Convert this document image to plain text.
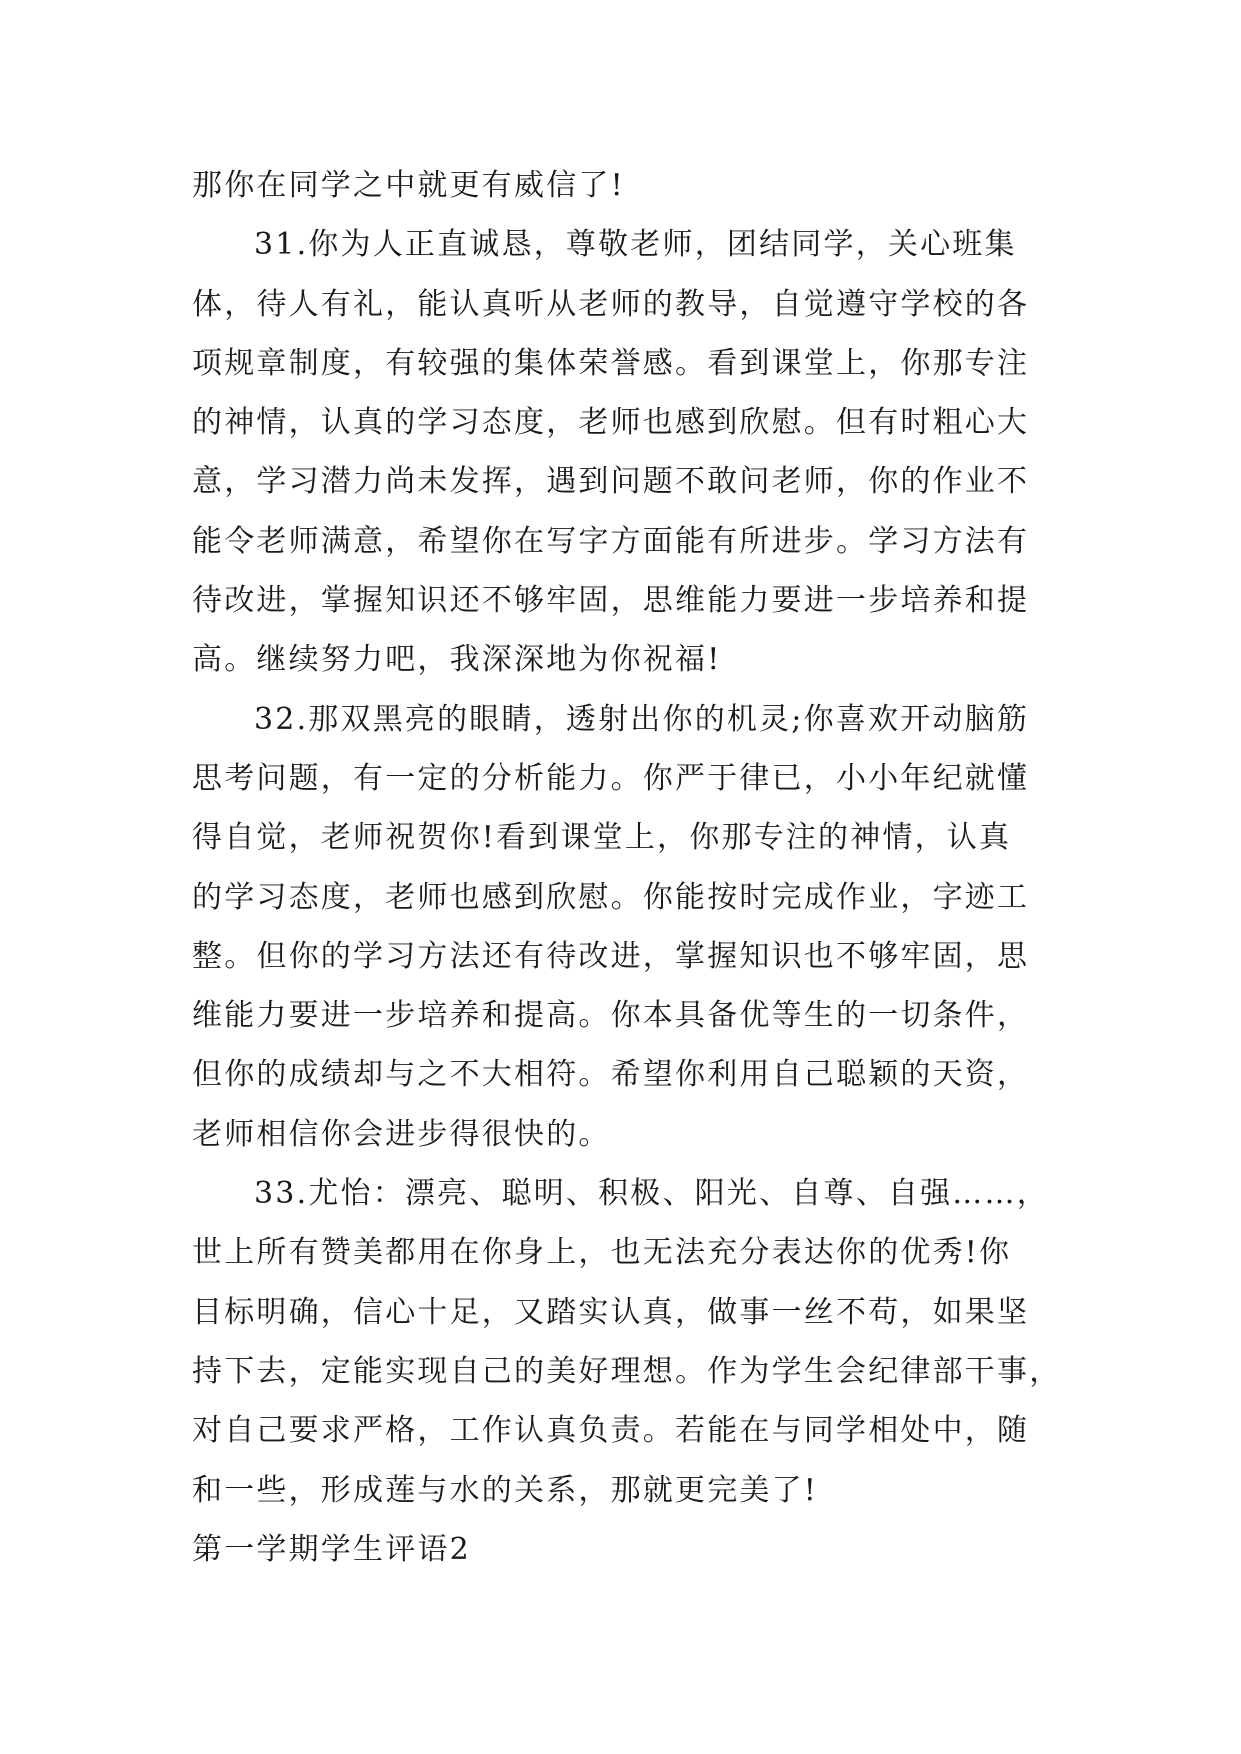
那你在同学之中就更有威信了!
31.你为人正直诚恳，尊敬老师，团结同学，关心班集
体，待人有礼，能认真听从老师的教导，自觉遵守学校的各
项规章制度，有较强的集体荣誉感。看到课堂上，你那专注
的神情，认真的学习态度，老师也感到欣慰。但有时粗心大
意，学习潜力尚未发挥，遇到问题不敢问老师，你的作业不
能令老师满意，希望你在写字方面能有所进步。学习方法有
待改进，掌握知识还不够牢固，思维能力要进一步培养和提
高。继续努力吧，我深深地为你祝福!
32.那双黑亮的眼睛，透射出你的机灵;你喜欢开动脑筋
思考问题，有一定的分析能力。你严于律已，小小年纪就懂
得自觉，老师祝贺你!看到课堂上，你那专注的神情，认真
的学习态度，老师也感到欣慰。你能按时完成作业，字迹工
整。但你的学习方法还有待改进，掌握知识也不够牢固，思
维能力要进一步培养和提高。你本具备优等生的一切条件，
但你的成绩却与之不大相符。希望你利用自己聪颖的天资，
老师相信你会进步得很快的。
33.尤怡：漂亮、聪明、积极、阳光、自尊、自强……，
世上所有赞美都用在你身上，也无法充分表达你的优秀!你
目标明确，信心十足，又踏实认真，做事一丝不苟，如果坚
持下去，定能实现自己的美好理想。作为学生会纪律部干事，
对自己要求严格，工作认真负责。若能在与同学相处中，随
和一些，形成莲与水的关系，那就更完美了!
第一学期学生评语2
